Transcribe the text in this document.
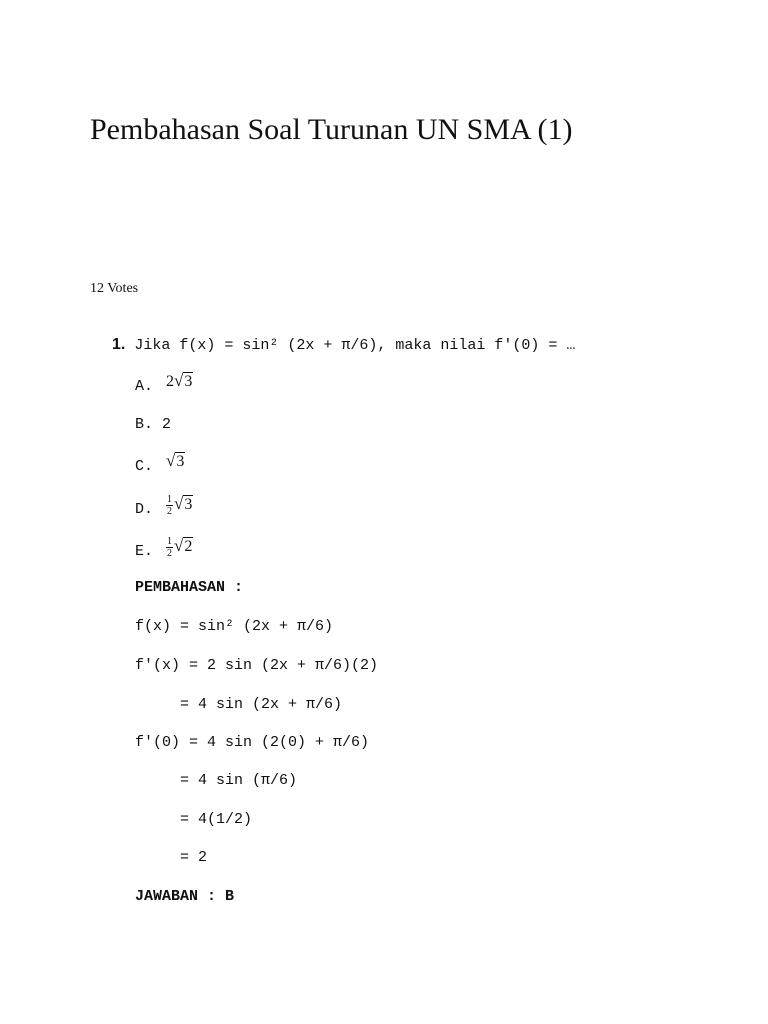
Pembahasan Soal Turunan UN SMA (1)
12 Votes
1. Jika f(x) = sin² (2x + π/6), maka nilai f'(0) = …
A. 2√3
B. 2
C. √3
D. $\frac{1}{2} √3$
E. $\frac{1}{2} √2$
PEMBAHASAN :
f(x) = sin² (2x + π/6)
f'(x) = 2 sin (2x + π/6)(2)
= 4 sin (2x + π/6)
f'(0) = 4 sin (2(0) + π/6)
= 4 sin (π/6)
= 4(1/2)
= 2
JAWABAN : B
